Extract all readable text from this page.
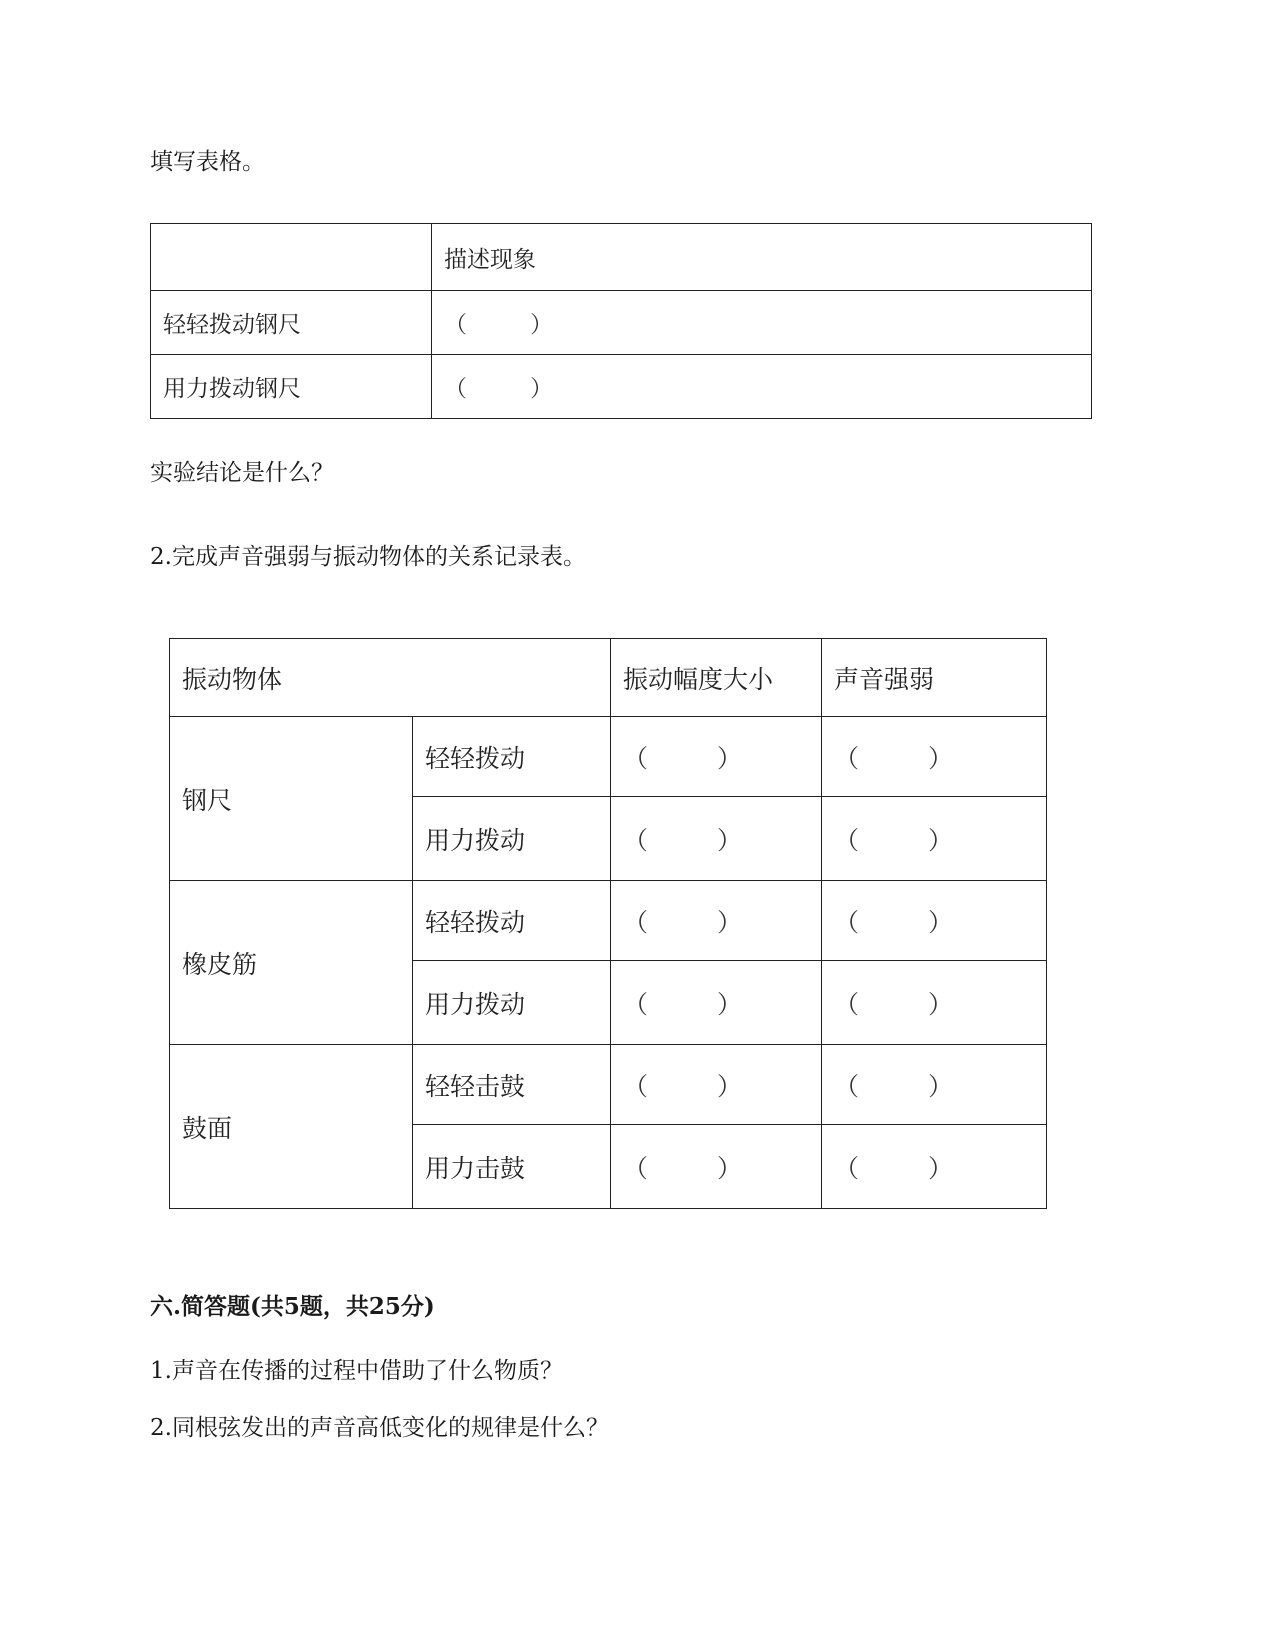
填写表格。
	描述现象
轻轻拨动钢尺	（ ）
用力拨动钢尺	（ ）
实验结论是什么？
2.完成声音强弱与振动物体的关系记录表。
振动物体		振动幅度大小	声音强弱
钢尺	轻轻拨动	（ ）	（ ）
	用力拨动	（ ）	（ ）
橡皮筋	轻轻拨动	（ ）	（ ）
	用力拨动	（ ）	（ ）
鼓面	轻轻击鼓	（ ）	（ ）
	用力击鼓	（ ）	（ ）
六.简答题(共5题，共25分)
1.声音在传播的过程中借助了什么物质？
2.同根弦发出的声音高低变化的规律是什么？
